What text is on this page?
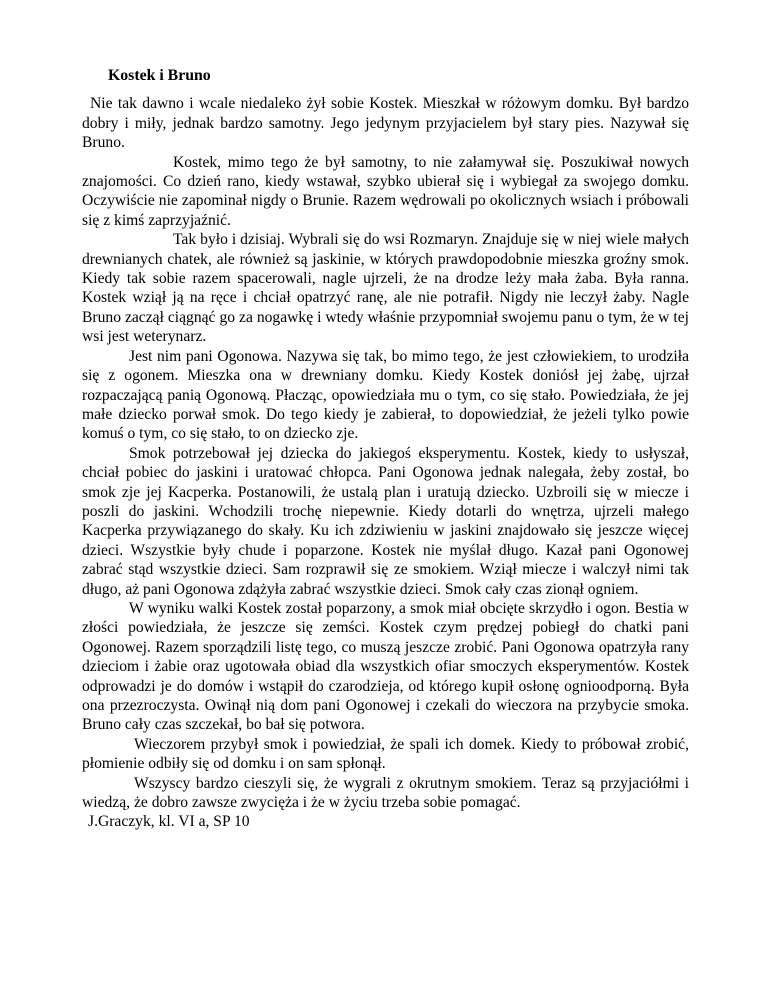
Kostek i Bruno

Nie tak dawno i wcale niedaleko żył sobie Kostek. Mieszkał w różowym domku. Był bardzo dobry i miły, jednak bardzo samotny. Jego jedynym przyjacielem był stary pies. Nazywał się Bruno.

Kostek, mimo tego że był samotny, to nie załamywał się. Poszukiwał nowych znajomości. Co dzień rano, kiedy wstawał, szybko ubierał się i wybiegał za swojego domku. Oczywiście nie zapominał nigdy o Brunie. Razem wędrowali po okolicznych wsiach i próbowali się z kimś zaprzyjaźnić.

Tak było i dzisiaj. Wybrali się do wsi Rozmaryn. Znajduje się w niej wiele małych drewnianych chatek, ale również są jaskinie, w których prawdopodobnie mieszka groźny smok. Kiedy tak sobie razem spacerowali, nagle ujrzeli, że na drodze leży mała żaba. Była ranna. Kostek wziął ją na ręce i chciał opatrzyć ranę, ale nie potrafił. Nigdy nie leczył żaby. Nagle Bruno zaczął ciągnąć go za nogawkę i wtedy właśnie przypomniał swojemu panu o tym, że w tej wsi jest weterynarz.

Jest nim pani Ogonowa. Nazywa się tak, bo mimo tego, że jest człowiekiem, to urodziła się z ogonem. Mieszka ona w drewniany domku. Kiedy Kostek doniósł jej żabę, ujrzał rozpaczającą panią Ogonową. Płacząc, opowiedziała mu o tym, co się stało. Powiedziała, że jej małe dziecko porwał smok. Do tego kiedy je zabierał, to dopowiedział, że jeżeli tylko powie komuś o tym, co się stało, to on dziecko zje.

Smok potrzebował jej dziecka do jakiegoś eksperymentu. Kostek, kiedy to usłyszał, chciał pobiec do jaskini i uratować chłopca. Pani Ogonowa jednak nalegała, żeby został, bo smok zje jej Kacperka. Postanowili, że ustalą plan i uratują dziecko. Uzbroili się w miecze i poszli do jaskini. Wchodzili trochę niepewnie. Kiedy dotarli do wnętrza, ujrzeli małego Kacperka przywiązanego do skały. Ku ich zdziwieniu w jaskini znajdowało się jeszcze więcej dzieci. Wszystkie były chude i poparzone. Kostek nie myślał długo. Kazał pani Ogonowej zabrać stąd wszystkie dzieci. Sam rozprawił się ze smokiem. Wziął miecze i walczył nimi tak długo, aż pani Ogonowa zdążyła zabrać wszystkie dzieci. Smok cały czas zionął ogniem.

W wyniku walki Kostek został poparzony, a smok miał obcięte skrzydło i ogon. Bestia w złości powiedziała, że jeszcze się zemści. Kostek czym prędzej pobiegł do chatki pani Ogonowej. Razem sporządzili listę tego, co muszą jeszcze zrobić. Pani Ogonowa opatrzyła rany dzieciom i żabie oraz ugotowała obiad dla wszystkich ofiar smoczych eksperymentów. Kostek odprowadzi je do domów i wstąpił do czarodzieja, od którego kupił osłonę ognioodporną. Była ona przezroczysta. Owinął nią dom pani Ogonowej i czekali do wieczora na przybycie smoka. Bruno cały czas szczekał, bo bał się potwora.

Wieczorem przybył smok i powiedział, że spali ich domek. Kiedy to próbował zrobić, płomienie odbiły się od domku i on sam spłonął.

Wszyscy bardzo cieszyli się, że wygrali z okrutnym smokiem. Teraz są przyjaciółmi i wiedzą, że dobro zawsze zwycięża i że w życiu trzeba sobie pomagać.

J.Graczyk, kl. VI a, SP 10
